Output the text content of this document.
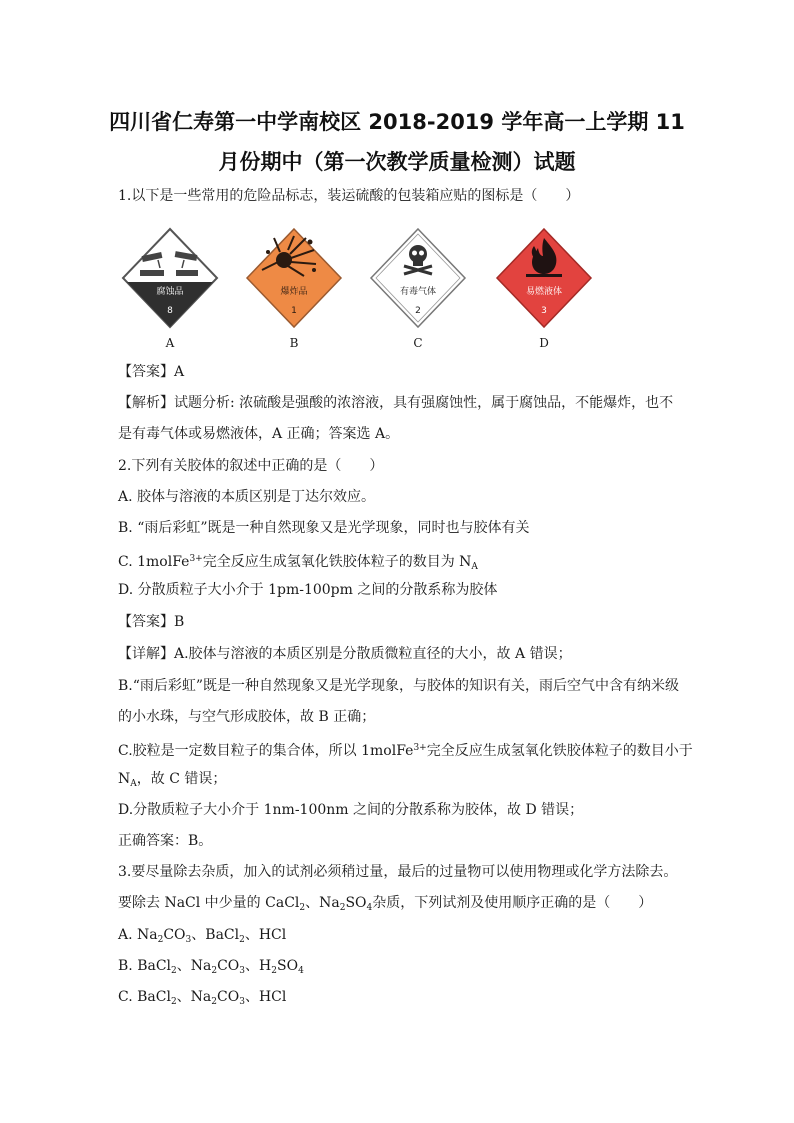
四川省仁寿第一中学南校区 2018-2019 学年高一上学期 11
月份期中（第一次教学质量检测）试题
1.以下是一些常用的危险品标志，装运硫酸的包装箱应贴的图标是（　　）
腐蚀品
8
A
爆炸品
1
B
有毒气体
2
C
易燃液体
3
D
【答案】A
【解析】试题分析: 浓硫酸是强酸的浓溶液，具有强腐蚀性，属于腐蚀品，不能爆炸，也不
是有毒气体或易燃液体，A 正确；答案选 A。
2.下列有关胶体的叙述中正确的是（　　）
A. 胶体与溶液的本质区别是丁达尔效应。
B. “雨后彩虹”既是一种自然现象又是光学现象，同时也与胶体有关
C. 1molFe$^{3+}$完全反应生成氢氧化铁胶体粒子的数目为 $N_A$
D. 分散质粒子大小介于 1pm-100pm 之间的分散系称为胶体
【答案】B
【详解】A.胶体与溶液的本质区别是分散质微粒直径的大小，故 A 错误；
B.“雨后彩虹”既是一种自然现象又是光学现象，与胶体的知识有关，雨后空气中含有纳米级
的小水珠，与空气形成胶体，故 B 正确；
C.胶粒是一定数目粒子的集合体，所以 1molFe$^{3+}$完全反应生成氢氧化铁胶体粒子的数目小于
$N_A$，故 C 错误；
D.分散质粒子大小介于 1nm-100nm 之间的分散系称为胶体，故 D 错误；
正确答案：B。
3.要尽量除去杂质，加入的试剂必须稍过量，最后的过量物可以使用物理或化学方法除去。
要除去 NaCl 中少量的 CaCl$_2$、$Na_2SO_4$杂质，下列试剂及使用顺序正确的是（　　）
A. $Na_2CO_3$、BaCl$_2$、HCl
B. BaCl$_2$、$Na_2CO_3$、$H_2SO_4$
C. BaCl$_2$、$Na_2CO_3$、HCl
